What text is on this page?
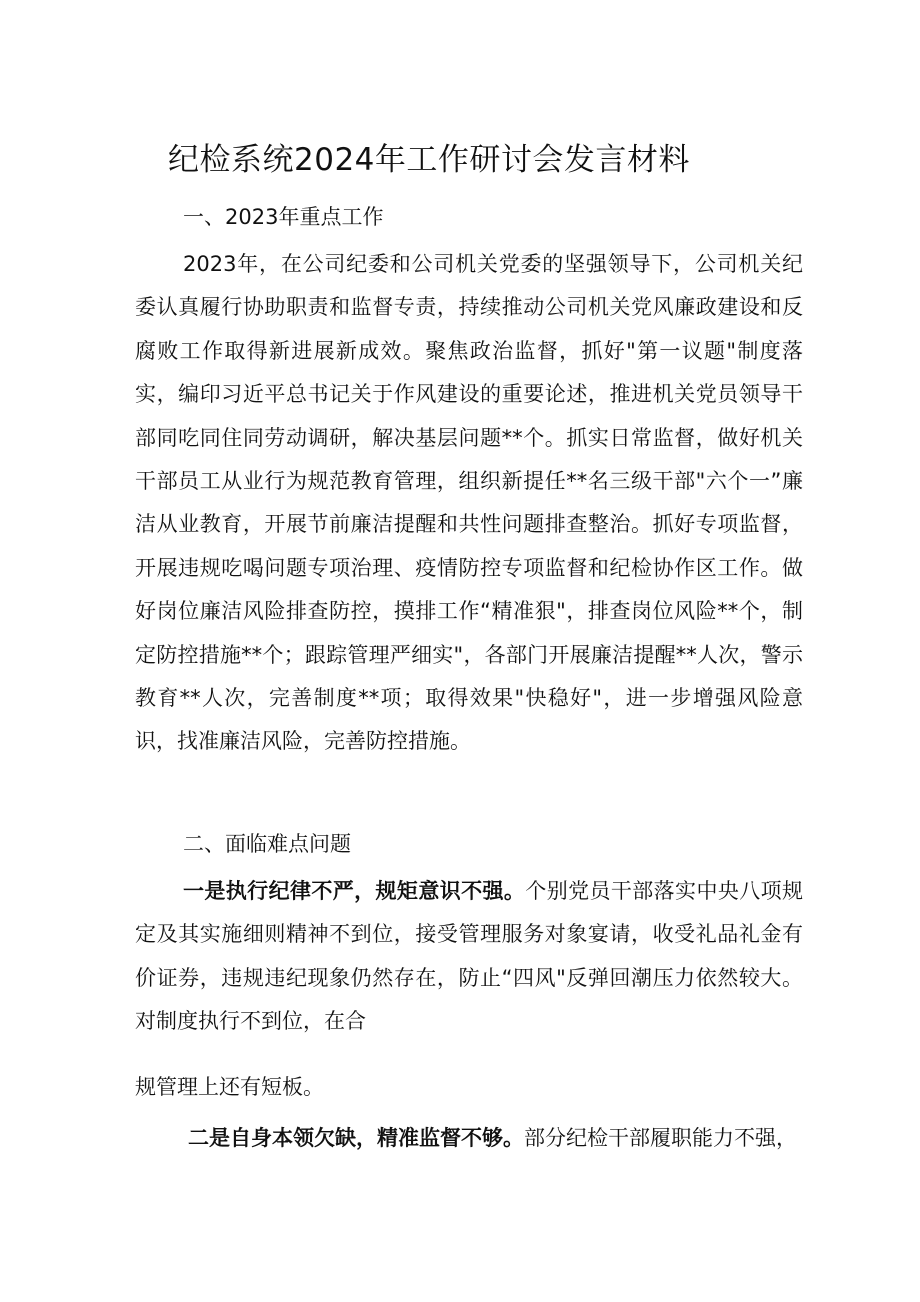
纪检系统2024年工作研讨会发言材料
一、2023年重点工作

2023年，在公司纪委和公司机关党委的坚强领导下，公司机关纪委认真履行协助职责和监督专责，持续推动公司机关党风廉政建设和反腐败工作取得新进展新成效。聚焦政治监督，抓好"第一议题"制度落实，编印习近平总书记关于作风建设的重要论述，推进机关党员领导干部同吃同住同劳动调研，解决基层问题**个。抓实日常监督，做好机关干部员工从业行为规范教育管理，组织新提任**名三级干部"六个一”廉洁从业教育，开展节前廉洁提醒和共性问题排查整治。抓好专项监督，开展违规吃喝问题专项治理、疫情防控专项监督和纪检协作区工作。做好岗位廉洁风险排查防控，摸排工作“精准狠"，排查岗位风险**个，制定防控措施**个；跟踪管理严细实"，各部门开展廉洁提醒**人次，警示教育**人次，完善制度**项；取得效果"快稳好"，进一步增强风险意识，找准廉洁风险，完善防控措施。

二、面临难点问题

一是执行纪律不严，规矩意识不强。个别党员干部落实中央八项规定及其实施细则精神不到位，接受管理服务对象宴请，收受礼品礼金有价证券，违规违纪现象仍然存在，防止“四风"反弹回潮压力依然较大。对制度执行不到位，在合

规管理上还有短板。
二是自身本领欠缺，精准监督不够。部分纪检干部履职能力不强，
